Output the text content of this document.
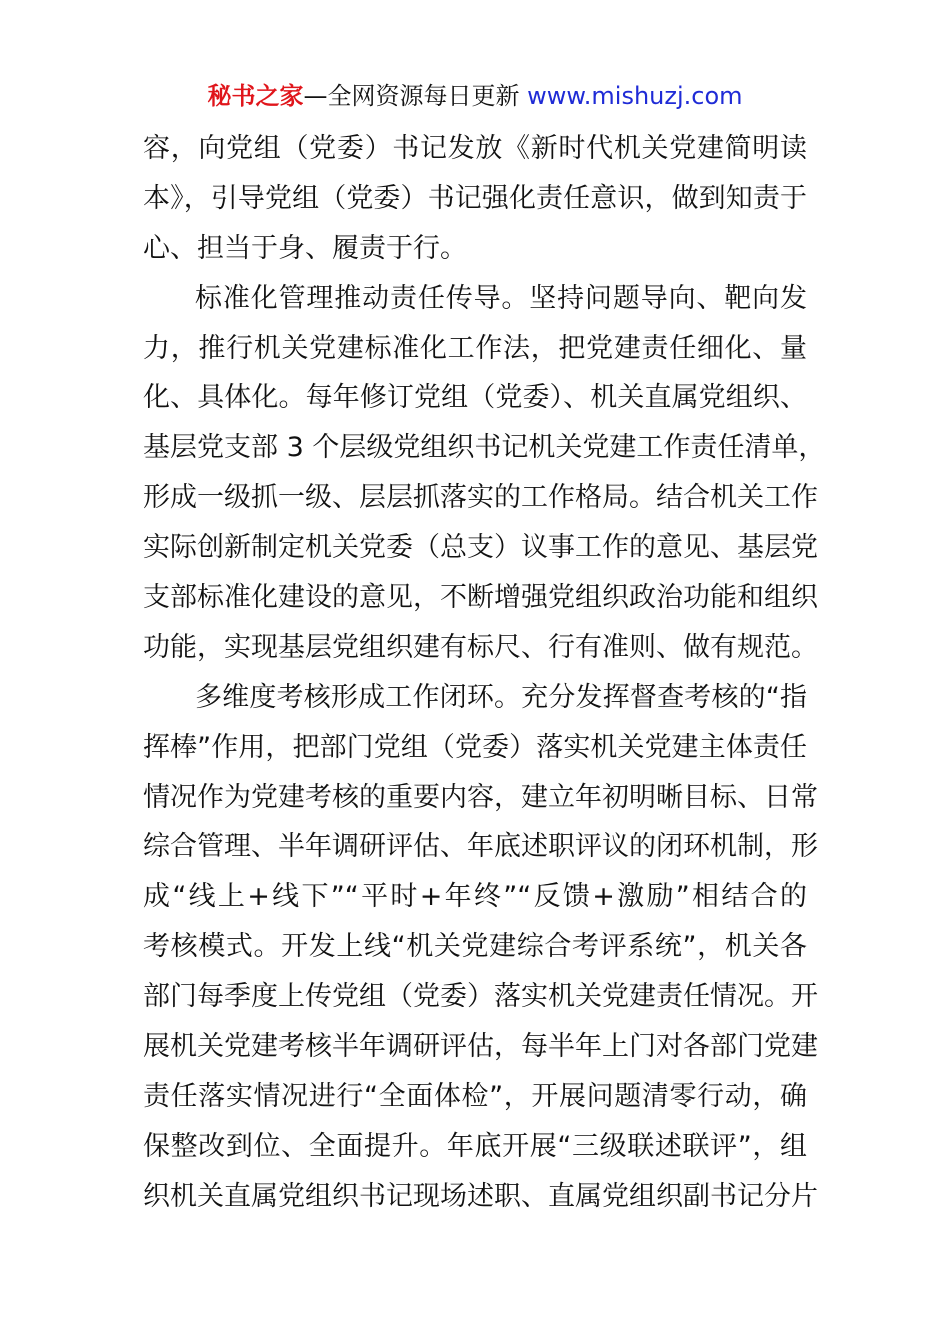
秘书之家—全网资源每日更新 www.mishuzj.com
容，向党组（党委）书记发放《新时代机关党建简明读
本》，引导党组（党委）书记强化责任意识，做到知责于
心、担当于身、履责于行。
标准化管理推动责任传导。坚持问题导向、靶向发
力，推行机关党建标准化工作法，把党建责任细化、量
化、具体化。每年修订党组（党委）、机关直属党组织、
基层党支部 3 个层级党组织书记机关党建工作责任清单，
形成一级抓一级、层层抓落实的工作格局。结合机关工作
实际创新制定机关党委（总支）议事工作的意见、基层党
支部标准化建设的意见，不断增强党组织政治功能和组织
功能，实现基层党组织建有标尺、行有准则、做有规范。
多维度考核形成工作闭环。充分发挥督查考核的“指
挥棒”作用，把部门党组（党委）落实机关党建主体责任
情况作为党建考核的重要内容，建立年初明晰目标、日常
综合管理、半年调研评估、年底述职评议的闭环机制，形
成“线上+线下”“平时+年终”“反馈+激励”相结合的
考核模式。开发上线“机关党建综合考评系统”，机关各
部门每季度上传党组（党委）落实机关党建责任情况。开
展机关党建考核半年调研评估，每半年上门对各部门党建
责任落实情况进行“全面体检”，开展问题清零行动，确
保整改到位、全面提升。年底开展“三级联述联评”，组
织机关直属党组织书记现场述职、直属党组织副书记分片
